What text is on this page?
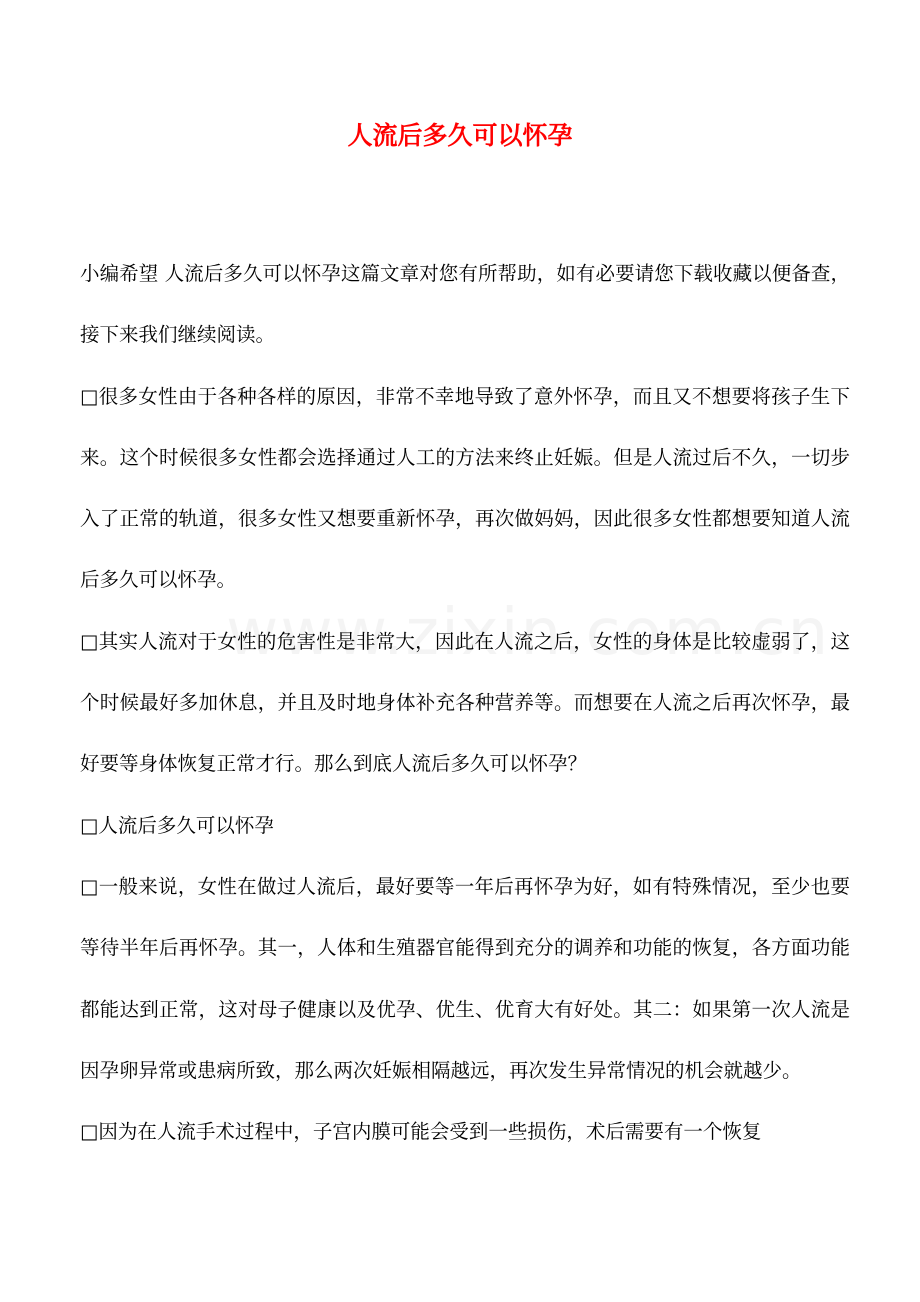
人流后多久可以怀孕

小编希望 人流后多久可以怀孕这篇文章对您有所帮助，如有必要请您下载收藏以便备查，接下来我们继续阅读。

□很多女性由于各种各样的原因，非常不幸地导致了意外怀孕，而且又不想要将孩子生下来。这个时候很多女性都会选择通过人工的方法来终止妊娠。但是人流过后不久，一切步入了正常的轨道，很多女性又想要重新怀孕，再次做妈妈，因此很多女性都想要知道人流后多久可以怀孕。

□其实人流对于女性的危害性是非常大，因此在人流之后，女性的身体是比较虚弱了，这个时候最好多加休息，并且及时地身体补充各种营养等。而想要在人流之后再次怀孕，最好要等身体恢复正常才行。那么到底人流后多久可以怀孕？

□人流后多久可以怀孕

□一般来说，女性在做过人流后，最好要等一年后再怀孕为好，如有特殊情况，至少也要等待半年后再怀孕。其一，人体和生殖器官能得到充分的调养和功能的恢复，各方面功能都能达到正常，这对母子健康以及优孕、优生、优育大有好处。其二：如果第一次人流是因孕卵异常或患病所致，那么两次妊娠相隔越远，再次发生异常情况的机会就越少。

□因为在人流手术过程中，子宫内膜可能会受到一些损伤，术后需要有一个恢复
